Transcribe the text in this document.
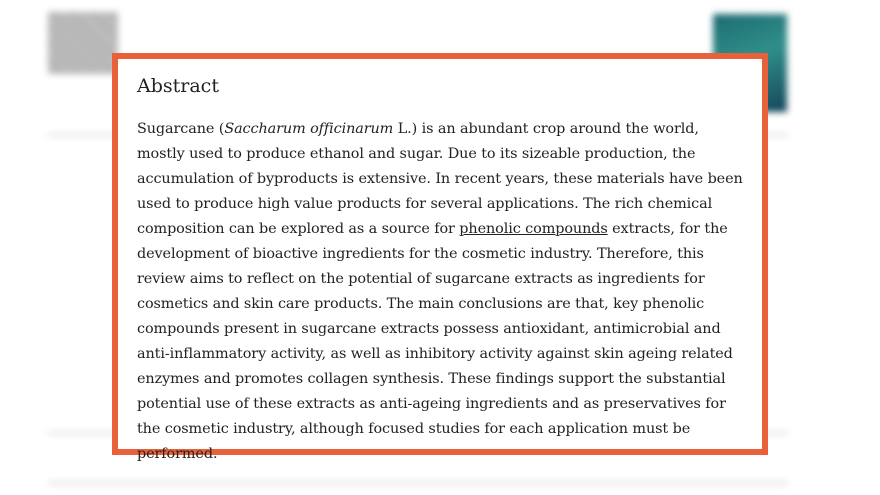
Abstract

Sugarcane (Saccharum officinarum L.) is an abundant crop around the world, mostly used to produce ethanol and sugar. Due to its sizeable production, the accumulation of byproducts is extensive. In recent years, these materials have been used to produce high value products for several applications. The rich chemical composition can be explored as a source for phenolic compounds extracts, for the development of bioactive ingredients for the cosmetic industry. Therefore, this review aims to reflect on the potential of sugarcane extracts as ingredients for cosmetics and skin care products. The main conclusions are that, key phenolic compounds present in sugarcane extracts possess antioxidant, antimicrobial and anti-inflammatory activity, as well as inhibitory activity against skin ageing related enzymes and promotes collagen synthesis. These findings support the substantial potential use of these extracts as anti-ageing ingredients and as preservatives for the cosmetic industry, although focused studies for each application must be performed.
